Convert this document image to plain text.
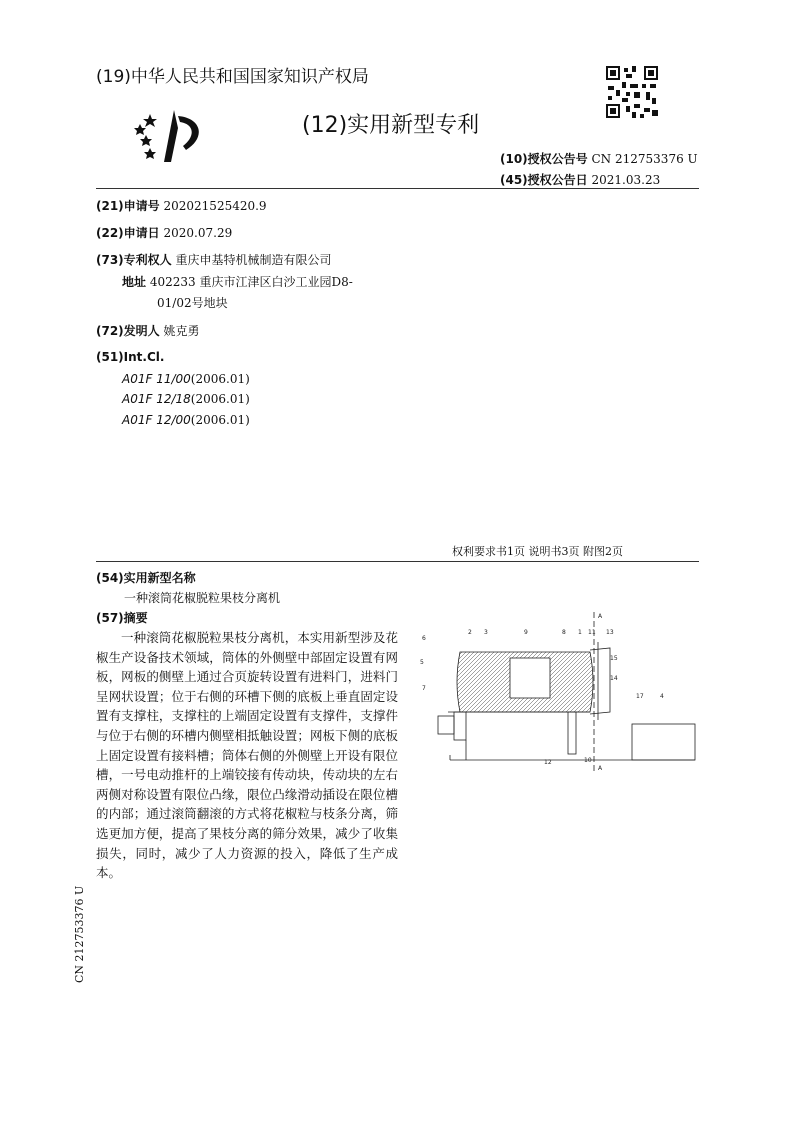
(19)中华人民共和国国家知识产权局
(12)实用新型专利
(10)授权公告号 CN 212753376 U
(45)授权公告日 2021.03.23
(21)申请号 202021525420.9
(22)申请日 2020.07.29
(73)专利权人 重庆申基特机械制造有限公司
地址 402233 重庆市江津区白沙工业园D8-
01/02号地块
(72)发明人 姚克勇
(51)Int.Cl.
A01F 11/00(2006.01)
A01F 12/18(2006.01)
A01F 12/00(2006.01)
权利要求书1页 说明书3页 附图2页
(54)实用新型名称
一种滚筒花椒脱粒果枝分离机
(57)摘要
一种滚筒花椒脱粒果枝分离机，本实用新型涉及花椒生产设备技术领域，筒体的外侧壁中部固定设置有网板，网板的侧壁上通过合页旋转设置有进料门，进料门呈网状设置；位于右侧的环槽下侧的底板上垂直固定设置有支撑柱，支撑柱的上端固定设置有支撑件，支撑件与位于右侧的环槽内侧壁相抵触设置；网板下侧的底板上固定设置有接料槽；筒体右侧的外侧壁上开设有限位槽，一号电动推杆的上端铰接有传动块，传动块的左右两侧对称设置有限位凸缘，限位凸缘滑动插设在限位槽的内部；通过滚筒翻滚的方式将花椒粒与枝条分离，筛选更加方便，提高了果枝分离的筛分效果，减少了收集损失，同时，减少了人力资源的投入，降低了生产成本。
6
2 3	9	8 1 11 13
5
15
7
14
17	4
12	10
A
A
CN 212753376 U
